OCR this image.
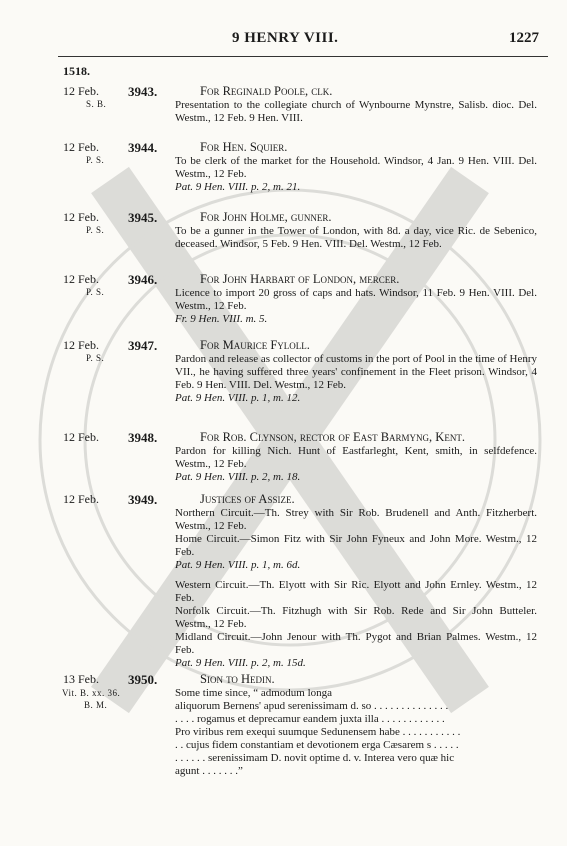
9 HENRY VIII.	1227
1518.
12 Feb.
S. B.
3943.	For Reginald Poole, clk.

Presentation to the collegiate church of Wynbourne Mynstre, Salisb. dioc. Del. Westm., 12 Feb. 9 Hen. VIII.

12 Feb.
P. S.
3944.	For Hen. Squier.

To be clerk of the market for the Household. Windsor, 4 Jan. 9 Hen. VIII. Del. Westm., 12 Feb.

Pat. 9 Hen. VIII. p. 2, m. 21.

12 Feb.
P. S.
3945.	For John Holme, gunner.

To be a gunner in the Tower of London, with 8d. a day, vice Ric. de Sebenico, deceased. Windsor, 5 Feb. 9 Hen. VIII. Del. Westm., 12 Feb.

12 Feb.
P. S.
3946.	For John Harbart of London, mercer.

Licence to import 20 gross of caps and hats. Windsor, 11 Feb. 9 Hen. VIII. Del. Westm., 12 Feb.

Fr. 9 Hen. VIII. m. 5.

12 Feb.
P. S.
3947.	For Maurice Fyloll.

Pardon and release as collector of customs in the port of Pool in the time of Henry VII., he having suffered three years' confinement in the Fleet prison. Windsor, 4 Feb. 9 Hen. VIII. Del. Westm., 12 Feb.

Pat. 9 Hen. VIII. p. 1, m. 12.

12 Feb. 3948.	For Rob. Clynson, rector of East Barmyng, Kent.

Pardon for killing Nich. Hunt of Eastfarleght, Kent, smith, in selfdefence. Westm., 12 Feb.

Pat. 9 Hen. VIII. p. 2, m. 18.

12 Feb. 3949.	Justices of Assize.

Northern Circuit.—Th. Strey with Sir Rob. Brudenell and Anth. Fitzherbert. Westm., 12 Feb.

Home Circuit.—Simon Fitz with Sir John Fyneux and John More. Westm., 12 Feb.

Pat. 9 Hen. VIII. p. 1, m. 6d.

Western Circuit.—Th. Elyott with Sir Ric. Elyott and John Ernley. Westm., 12 Feb.

Norfolk Circuit.—Th. Fitzhugh with Sir Rob. Rede and Sir John Butteler. Westm., 12 Feb.

Midland Circuit.—John Jenour with Th. Pygot and Brian Palmes. Westm., 12 Feb.

Pat. 9 Hen. VIII. p. 2, m. 15d.

13 Feb.
Vit. B. xx. 36.
B. M.
3950.	Sion to Hedin.

Some time since, “ admodum longa

aliquorum Bernens' apud serenissimam d. so . . . . . . . . . . . . . .

. . . . rogamus et deprecamur eandem juxta illa . . . . . . . . . . . .

Pro viribus rem exequi suumque Sedunensem habe . . . . . . . . . . .

. . cujus fidem constantiam et devotionem erga Cæsarem s . . . . .

. . . . . . serenissimam D. novit optime d. v. Interea vero quæ hic

agunt . . . . . . .”
